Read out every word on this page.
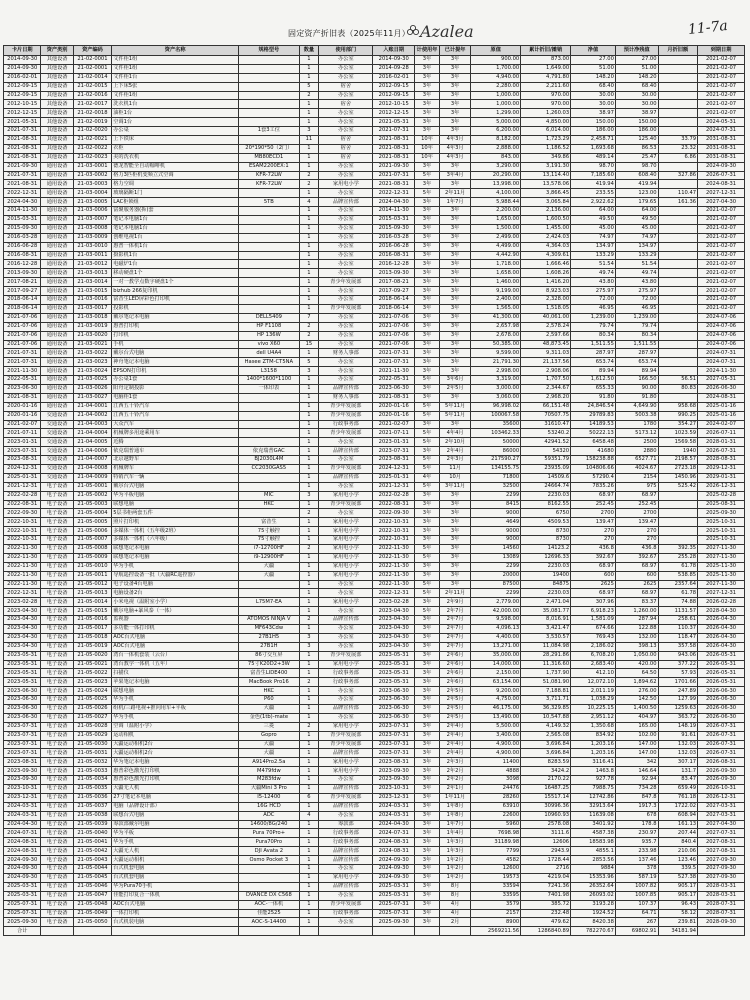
固定资产折旧表（2025年11月） Azalea	11-7a
卡片日期	资产类别	资产编码	资产名称	规格型号	数量	使用部门	入账日期	计使用年	已计提年	原值	累计折旧/摊销	净值	预计净残值	月折旧额	到期日期
2014-09-30	其他设备	21-02-0001	文件柜1组		1	办公室	2014-09-30	3年	3年	900.00	873.00	27.00	27.00		2021-02-07
2014-09-30	其他设备	21-02-0001	文件柜1组		1	办公室	2014-09-28	3年	3年	1,700.00	1,649.00	51.00	51.00		2021-02-07
2016-02-01	其他设备	21-02-0014	文件柜1台		1	办公室	2016-02-01	3年	3年	4,940.00	4,791.80	148.20	148.20		2021-02-07
2012-09-15	其他设备	21-02-0015	上下床5张		5	宿舍	2012-09-15	3年	3年	2,280.00	2,211.60	68.40	68.40		2021-02-07
2012-09-15	其他设备	21-02-0016	文件柜1组		2	办公室	2012-09-15	3年	3年	1,000.00	970.00	30.00	30.00		2021-02-07
2012-10-15	其他设备	21-02-0017	洗衣机1台		1	宿舍	2012-10-15	3年	3年	1,000.00	970.00	30.00	30.00		2021-02-07
2012-12-15	其他设备	21-02-0018	油柜1台		1	办公室	2012-12-15	3年	3年	1,299.00	1,260.03	38.97	38.97		2021-02-07
2021-05-31	其他设备	21-02-0019	空调1台		1	办公室	2021-05-31	3年	3年	5,000.00	4,850.00	150.00	150.00		2024-05-31
2021-07-31	其他设备	21-02-0020	办公桌	1套3工位	3	办公室	2021-07-31	3年	3年	6,200.00	6,014.00	186.00	186.00		2024-07-31
2021-08-31	其他设备	21-02-0021	上下铁床		11	宿舍	2021-08-31	10年	4年3月	8,182.00	1,723.29	2,458.71	125.40	33.79	2031-08-31
2021-08-31	其他设备	21-02-0022	衣柜	20*190*50（2门）	1	宿舍	2021-08-31	10年	4年3月	2,888.00	1,186.52	1,693.68	86.53	23.32	2031-08-31
2021-08-31	其他设备	21-02-0023	美的洗衣机	MB80ECD1	1	宿舍	2021-08-31	10年	4年3月	843.00	349.86	489.14	25.47	6.86	2031-08-31
2021-09-30	通用设备	21-03-0001	德龙智能全自动咖啡机	ESAM2200EX:1	1	办公室	2021-09-30	3年	3年	3,290.00	3,191.30	98.70	98.70		2024-09-30
2021-07-31	通用设备	21-03-0002	格力3匹柜机变频立式空调	KFR-72LW	2	办公室	2021-07-31	5年	3年4月	20,290.00	13,114.40	7,185.60	608.40	327.86	2026-07-31
2021-08-31	通用设备	21-03-0003	格力空调	KFR-72LW	2	家用电小学	2021-08-31	3年	3年	13,998.00	13,578.06	419.94	419.94		2024-08-31
2022-12-31	通用设备	21-03-0004	玻璃隔断1门		1	办公室	2022-12-31	5年	2年11月	4,100.00	3,866.45	233.55	123.00	110.47	2027-12-31
2024-04-30	通用设备	21-03-0005	LAC柜锁组	5TB	4	品牌宣传部	2024-04-30	3年	1年7月	5,988.44	3,065.84	2,922.62	179.65	161.36	2027-04-30
2014-11-30	通用设备	21-03-0006	富聚服务器(拆)套		1	办公室	2014-11-30	3年	3年	2,200.00	2,136.00	64.00	64.00		2021-02-07
2015-03-31	通用设备	21-03-0007	笔记本电脑1台		1	办公室	2015-03-31	3年	3年	1,650.00	1,600.50	49.50	49.50		2021-02-07
2015-09-30	通用设备	21-03-0008	笔记本电脑1台		1	办公室	2015-09-30	3年	3年	1,500.00	1,455.00	45.00	45.00		2021-02-07
2016-03-28	通用设备	21-03-0009	创维电视1台		1	办公室	2016-03-28	3年	3年	2,499.00	2,424.03	74.97	74.97		2021-02-07
2016-06-28	通用设备	21-03-0010	惠普一体机1台		1	办公室	2016-06-28	3年	3年	4,499.00	4,364.03	134.97	134.97		2021-02-07
2016-08-31	通用设备	21-03-0011	摄影机1台		1	办公室	2016-08-31	3年	3年	4,442.90	4,309.61	133.29	133.29		2021-02-07
2016-12-28	通用设备	21-03-0012	电磁炉1台		1	办公室	2016-12-28	3年	3年	1,718.00	1,666.46	51.54	51.54		2021-02-07
2013-09-30	通用设备	21-03-0013	移动硬盘1个		1	办公室	2013-09-30	3年	3年	1,658.00	1,608.26	49.74	49.74		2021-02-07
2017-08-21	通用设备	21-03-0014	一对一教学点数字硬盘1个		1	青少年发展部	2017-08-21	3年	3年	1,460.00	1,416.20	43.80	43.80		2021-02-07
2017-09-27	通用设备	21-03-0015	bizhub 266复印机		1	办公室	2017-09-27	3年	3年	9,199.00	8,923.03	275.97	275.97		2021-02-07
2018-06-14	通用设备	21-03-0016	富昔生LED屏彩色打印机		1	办公室	2018-06-14	3年	3年	2,400.00	2,328.00	72.00	72.00		2021-02-07
2018-06-14	通用设备	21-03-0017	投影机		1	青少年发展部	2018-06-14	3年	3年	1,565.00	1,518.05	46.95	46.95		2021-02-07
2021-07-06	通用设备	21-03-0018	戴尔笔记本电脑	DELL5409	7	办公室	2021-07-06	3年	3年	41,300.00	40,061.00	1,239.00	1,239.00		2024-07-06
2021-07-06	通用设备	21-03-0019	惠普打印机	HP F1108	2	办公室	2021-07-06	3年	3年	2,657.98	2,578.24	79.74	79.74		2024-07-06
2021-07-06	通用设备	21-03-0020	打印机	HP 136W	2	办公室	2021-07-06	3年	3年	2,678.00	2,597.66	80.34	80.34		2024-07-06
2021-07-06	通用设备	21-03-0021	手机	vivo X60	15	办公室	2021-07-06	3年	3年	50,385.00	48,873.45	1,511.55	1,511.55		2024-07-06
2021-07-31	通用设备	21-03-0022	戴尔台式电脑	dell U4A4	1	财务人事部	2021-07-31	3年	3年	9,599.00	9,311.03	287.97	287.97		2024-07-31
2021-07-31	通用设备	21-03-0023	神舟笔记本电脑	Hasee ZTM-CT5NA	5	办公室	2021-07-31	3年	3年	21,791.30	21,137.56	653.74	653.74		2024-07-31
2021-11-30	通用设备	21-03-0024	EPSON打印机	L3158	3	办公室	2021-11-30	3年	3年	2,998.00	2,908.06	89.94	89.94		2024-11-30
2022-05-31	通用设备	21-03-0025	办公桌1套	1400*1600*1100	1	办公室	2022-05-31	5年	3年6月	3,319.00	1,707.50	1,612.50	166.50	56.51	2027-05-31
2023-06-30	通用设备	21-03-0026	阳舟定制投影	一体印表	1	品牌宣传部	2023-06-30	3年	2年5月	3,000.00	2,344.67	655.33	90.00	80.83	2026-06-30
2021-08-31	通用设备	21-03-0027	电脑柜1套		1	财务人事部	2021-08-31	3年	3年	3,060.00	2,968.20	91.80	91.80		2024-08-31
2020-01-16	通用设备	21-04-0001	江西五十铃汽车		1	青少年发展部	2020-01-16	5年	5年11月	96,998.02	66,151.48	24,846.54	4,649.90	958.68	2025-01-16
2020-01-16	交通设备	21-04-0002	江西五十铃汽车		1	青少年发展部	2020-01-16	5年	5年11月	100067.58	70507.75	29789.83	5003.38	990.25	2025-01-16
2021-02-07	交通设备	21-04-0003	大众汽车		1	行政事务部	2021-02-07	3年	3年	35600	31610.47	14189.53	1780	354.27	2024-02-07
2021-07-11	交通设备	21-04-0004	机械牌多用途乘用车		1	青少年发展部	2021-07-11	5年	4年4月	103462.33	53240.2	50222.13	5173.12	1023.59	2026-07-11
2023-01-31	交通设备	21-04-0005	近腾		1	办公室	2023-01-31	5年	2年10月	50000	42941.52	6458.48	2500	1569.58	2028-01-31
2023-07-31	交通设备	21-04-0006	依克瑞普通车	依克瑞普GAC	1	品牌宣传部	2023-07-31	3年	2年4月	86000	54320	41680	2880	1940	2026-07-31
2023-08-31	交通设备	21-04-0007	北京越野车	BJ2030L4M	1	办公室	2023-08-31	5年	2年3月	217590.27	59351.79	158238.88	6527.71	2198.57	2028-08-31
2024-12-31	交通设备	21-04-0008	机械牌车	CC2030GAS5	1	青少年发展部	2024-12-31	5年	11月	134155.75	23935.09	104806.66	4024.67	2723.18	2029-12-31
2025-01-31	交通设备	21-04-0009	特销汽车一辆		1	品牌宣传部	2025-01-31	4年	10月	71800	14509.6	57290.4	2154	1450.96	2029-01-31
2021-12-31	电子设备	21-05-0001	戴尔台式电脑		1	办公室	2021-12-31	5年	3年11月	32500	24664.74	7835.26	975	525.42	2026-12-31
2022-02-28	电子设备	21-05-0002	华为平板电脑	MIC	3	家用电小学	2022-02-28	3年	3年	2299	2230.03	68.97	68.97		2025-02-28
2022-08-31	电子设备	21-05-0003	联想电脑	HKC	1	青少年发展部	2022-08-31	3年	3年	8415	8162.55	252.45	252.45		2025-08-31
2022-09-30	电子设备	21-05-0004	5层书柜两套五件		2	办公室	2022-09-30	3年	3年	9000	6750	2700	2700		2025-09-30
2022-10-31	电子设备	21-05-0005	照片打印机	富昔生	1	家用电小学	2022-10-31	3年	3年	4649	4509.53	139.47	139.47		2025-10-31
2022-10-31	电子设备	21-05-0006	多媒体一体机（五年级2班）	75寸触控	1	家用电小学	2022-10-31	3年	3年	9000	8730	270	270		2025-10-31
2022-10-31	电子设备	21-05-0007	多媒体一体机（六年级）	75寸触控	1	家用电小学	2022-10-31	3年	3年	9000	8730	270	270		2025-10-31
2022-11-30	电子设备	21-05-0008	联想笔记本电脑	i7-12700HF	2	家用电小学	2022-11-30	5年	3年	14560	14123.2	436.8	436.8	392.35	2027-11-30
2022-11-30	电子设备	21-05-0009	联想笔记本电脑	i9-12900HF	1	家用电小学	2022-11-30	5年	3年	13089	12696.33	392.67	392.67	255.28	2027-11-30
2022-11-30	电子设备	21-05-0010	华为手机	大疆	1	家用电小学	2022-11-30	3年	3年	2299	2230.03	68.97	68.97	61.78	2025-11-30
2022-11-30	电子设备	21-05-0011	导航遥控设备一批（大疆RC遥控器）	大疆	1	家用电小学	2022-11-30	3年	3年	20000	19400	600	600	538.85	2025-11-30
2022-11-30	电子设备	21-05-0012	电子设备4台电脑		1	办公室	2022-11-30	5年	3年	87500	84875	2625	2625	2357.64	2027-11-30
2022-12-31	电子设备	21-05-0013	电脑设备2台		1	办公室	2022-12-31	5年	2年11月	2299	2230.03	68.97	68.97	61.78	2027-12-31
2023-02-28	电子设备	21-05-0014	小米电视（温附室小学）	L75M7-EA	1	家用电小学	2023-02-28	3年	2年9月	2,779.00	2,471.04	307.96	83.37	74.88	2026-02-28
2023-04-30	电子设备	21-05-0015	戴尔电脑+暴风泰（一体）		1	办公室	2023-04-30	5年	2年7月	42,000.00	35,081.77	6,918.23	1,260.00	1131.57	2028-04-30
2023-04-30	电子设备	21-05-0016	监视器	ATOMOS NINJA V	2	品牌宣传部	2023-04-30	3年	2年7月	9,598.00	8,016.91	1,581.09	287.94	258.61	2026-04-30
2023-04-30	电子设备	21-05-0017	多功能一体打印机	MF643Cdw	1	办公室	2023-04-30	3年	2年7月	4,096.13	3,421.47	674.66	122.88	110.37	2026-04-30
2023-04-30	电子设备	21-05-0018	AOC台式电脑	27B1H5	3	办公室	2023-04-30	3年	2年7月	4,400.00	3,530.57	769.43	132.00	118.47	2026-04-30
2023-04-30	电子设备	21-05-0019	AOC台式电脑	27B1H	3	办公室	2023-04-30	3年	2年7月	13,271.00	11,084.98	2,186.02	398.13	357.58	2026-04-30
2023-05-31	电子设备	21-05-0020	湾台一体机套装（云台）	86寸交互屏	1	青少年发展部	2023-05-31	3年	2年6月	35,000.00	28,291.86	6,708.20	1,050.00	943.06	2026-05-31
2023-05-31	电子设备	21-05-0021	湾台教学一体机（五年）	75寸K20D2+3W	1	家用电小学	2023-05-31	3年	2年6月	14,000.00	11,316.60	2,683.40	420.00	377.22	2026-05-31
2023-05-31	电子设备	21-05-0022	扫描仪	富昔生LIDE400	1	行政事务部	2023-05-31	3年	2年6月	2,150.00	1,737.90	412.10	64.50	57.93	2026-05-31
2023-05-31	电子设备	21-05-0023	苹果笔记本电脑	MacBook Pro16	2	行政事务部	2023-05-31	3年	2年6月	63,154.00	51,081.90	12,072.10	1,894.62	1701.66	2026-05-31
2023-06-30	电子设备	21-05-0024	联想电脑	HKC	1	办公室	2023-06-30	3年	2年5月	9,200.00	7,188.81	2,011.19	276.00	247.89	2026-06-30
2023-06-30	电子设备	21-05-0025	华为手机	P60	1	办公室	2023-06-30	3年	2年5月	4,750.00	3,711.71	1,038.29	142.50	127.99	2026-06-30
2023-06-30	电子设备	21-05-0026	组机/三路电视+推向用车+平板	大疆	1	品牌宣传部	2023-06-30	3年	2年5月	46,175.00	36,329.85	10,225.15	1,400.50	1259.63	2026-06-30
2023-06-30	电子设备	21-05-0027	华为手机	金色(1tb)-mate	1	办公室	2023-06-30	3年	2年5月	13,490.00	10,547.88	2,951.12	404.97	363.72	2026-06-30
2023-07-31	电子设备	21-05-0028	空调（温附小学）	三菱	2	家用电小学	2023-07-31	3年	2年4月	5,500.00	4,149.32	1,350.68	165.00	148.19	2026-07-31
2023-07-31	电子设备	21-05-0029	运动相机	Gopro	1	青少年发展部	2023-07-31	3年	2年4月	3,400.00	2,565.08	834.92	102.00	91.61	2026-07-31
2023-07-31	电子设备	21-05-0030	大疆运动相机2台	大疆	1	青少年发展部	2023-07-31	3年	2年4月	4,900.00	3,696.84	1,203.16	147.00	132.03	2026-07-31
2023-07-31	电子设备	21-05-0031	大疆运动相机2台	大疆	1	品牌宣传部	2023-07-31	3年	2年4月	4,900.00	3,696.84	1,203.16	147.00	132.03	2026-07-31
2023-08-31	电子设备	21-05-0032	华为笔记本电脑	A914Pro2.5a	1	家用电小学	2023-08-31	3年	2年3月	11400	8283.59	3116.41	342	307.17	2026-08-31
2023-09-30	电子设备	21-05-0033	惠普彩色激光打印机	M479fdw	1	家用电小学	2023-09-30	3年	2年2月	4888	3424.2	1463.8	146.64	131.7	2026-09-30
2023-09-30	电子设备	21-05-0034	惠普彩色激光打印机	M283fdw	1	办公室	2023-09-30	3年	2年2月	3098	2170.22	927.78	92.94	83.47	2026-09-30
2023-10-31	电子设备	21-05-0035	大疆无人机	大疆Mini 3 Pro	1	品牌宣传部	2023-10-31	3年	2年1月	24476	16487.25	7988.75	734.28	659.49	2026-10-31
2023-12-31	电子设备	21-05-0036	27寸笔记本电脑	I5-12400	6	青少年发展部	2023-12-31	3年	1年11月	28260	15517.14	12742.86	847.8	761.18	2026-12-31
2024-03-31	电子设备	21-05-0037	电脑（品牌设计部）	16G HCD	1	品牌宣传部	2024-03-31	3年	1年8月	63910	30996.36	32913.64	1917.3	1722.02	2027-03-31
2024-03-31	电子设备	21-05-0038	联想台式电脑	ADC	4	办公室	2024-03-31	3年	1年8月	22600	10960.93	11639.08	678	608.94	2027-03-31
2024-04-30	电子设备	21-05-0039	筹款部戴尔电脑	14600/8G/240	1	筹款部	2024-04-30	3年	1年7月	5960	2578.08	3401.92	178.8	161.13	2027-04-30
2024-07-31	电子设备	21-05-0040	华为平板	Pura 70Pro+	1	行政事务部	2024-07-31	3年	1年4月	7698.98	3111.6	4587.38	230.97	207.44	2027-07-31
2024-08-31	电子设备	21-05-0041	华为手机	Pura70Pro	1	行政事务部	2024-08-31	3年	1年3月	31189.98	12606	18583.98	935.7	840.4	2027-08-31
2024-08-31	电子设备	21-05-0042	大疆无人机	DJI Avata 2	1	品牌宣传部	2024-08-31	3年	1年3月	7799	2943.9	4855.1	233.98	210.06	2027-08-31
2024-09-30	电子设备	21-05-0043	大疆运动相机	Osmo Pocket 3	1	品牌宣传部	2024-09-30	3年	1年2月	4582	1728.44	2853.56	137.46	123.46	2027-09-30
2024-09-30	电子设备	21-05-0044	台式机套电脑		1	办公室	2024-09-30	3年	1年2月	12600	2716	9884	378	339.5	2027-09-30
2024-09-30	电子设备	21-05-0045	台式机套电脑		1	家用电小学	2024-09-30	3年	1年2月	19573	4219.04	15353.96	587.19	527.38	2027-09-30
2025-03-31	电子设备	21-05-0046	华为Pura70手机		1	品牌宣传部	2025-03-31	3年	8月	33594	7241.36	26352.64	1007.82	905.17	2028-03-31
2025-03-31	电子设备	21-05-0047	佳能打印复合一体机	DVANCE DX C568	1	办公室	2025-03-31	3年	8月	33595	7401.98	26093.02	1007.85	905.17	2028-03-31
2025-07-31	电子设备	21-05-0048	AOC台式电脑	AOC-一体机	1	青少年发展部	2025-07-31	3年	4月	3579	385.72	3193.28	107.37	96.43	2028-07-31
2025-07-31	电子设备	21-05-0049	一体打印机	佳能2525	1	行政事务部	2025-07-31	3年	4月	2157	232.48	1924.52	64.71	58.12	2028-07-31
2025-09-30	电子设备	21-05-0050	台式机装电脑	AOC-S-14400	1	办公室	2025-09-30	3年	2月	8900	479.62	8420.38	267	239.81	2028-09-30
合计										2569211.56	1286840.89	782270.67	69802.91	34181.94	
